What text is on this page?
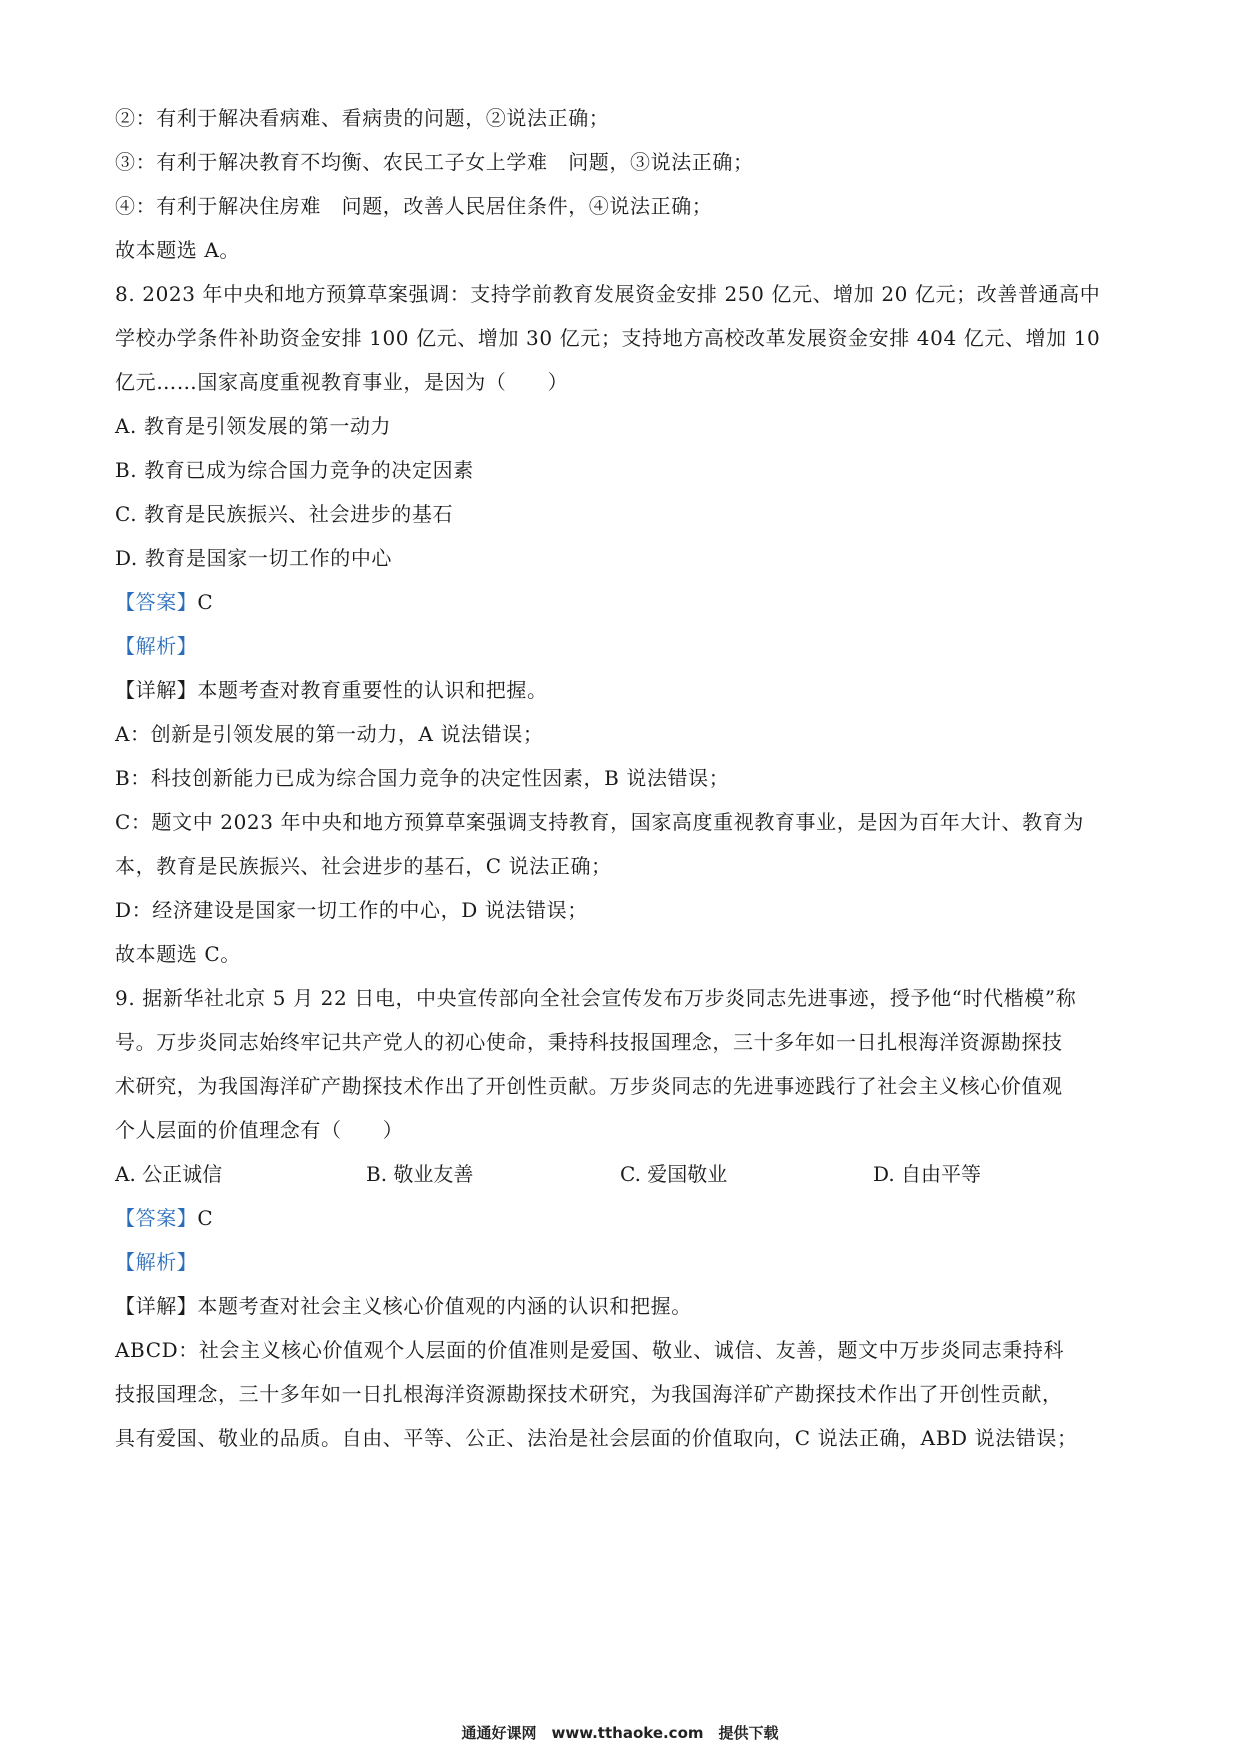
②：有利于解决看病难、看病贵的问题，②说法正确；
③：有利于解决教育不均衡、农民工子女上学难　问题，③说法正确；
④：有利于解决住房难　问题，改善人民居住条件，④说法正确；
故本题选 A。
8. 2023 年中央和地方预算草案强调：支持学前教育发展资金安排 250 亿元、增加 20 亿元；改善普通高中
学校办学条件补助资金安排 100 亿元、增加 30 亿元；支持地方高校改革发展资金安排 404 亿元、增加 10
亿元……国家高度重视教育事业，是因为（　　）
A. 教育是引领发展的第一动力
B. 教育已成为综合国力竞争的决定因素
C. 教育是民族振兴、社会进步的基石
D. 教育是国家一切工作的中心
【答案】C
【解析】
【详解】本题考查对教育重要性的认识和把握。
A：创新是引领发展的第一动力，A 说法错误；
B：科技创新能力已成为综合国力竞争的决定性因素，B 说法错误；
C：题文中 2023 年中央和地方预算草案强调支持教育，国家高度重视教育事业，是因为百年大计、教育为
本，教育是民族振兴、社会进步的基石，C 说法正确；
D：经济建设是国家一切工作的中心，D 说法错误；
故本题选 C。
9. 据新华社北京 5 月 22 日电，中央宣传部向全社会宣传发布万步炎同志先进事迹，授予他“时代楷模”称
号。万步炎同志始终牢记共产党人的初心使命，秉持科技报国理念，三十多年如一日扎根海洋资源勘探技
术研究，为我国海洋矿产勘探技术作出了开创性贡献。万步炎同志的先进事迹践行了社会主义核心价值观
个人层面的价值理念有（　　）
A. 公正诚信	B. 敬业友善	C. 爱国敬业	D. 自由平等
【答案】C
【解析】
【详解】本题考查对社会主义核心价值观的内涵的认识和把握。
ABCD：社会主义核心价值观个人层面的价值准则是爱国、敬业、诚信、友善，题文中万步炎同志秉持科
技报国理念，三十多年如一日扎根海洋资源勘探技术研究，为我国海洋矿产勘探技术作出了开创性贡献，
具有爱国、敬业的品质。自由、平等、公正、法治是社会层面的价值取向，C 说法正确，ABD 说法错误；
通通好课网　www.tthaoke.com　提供下载
